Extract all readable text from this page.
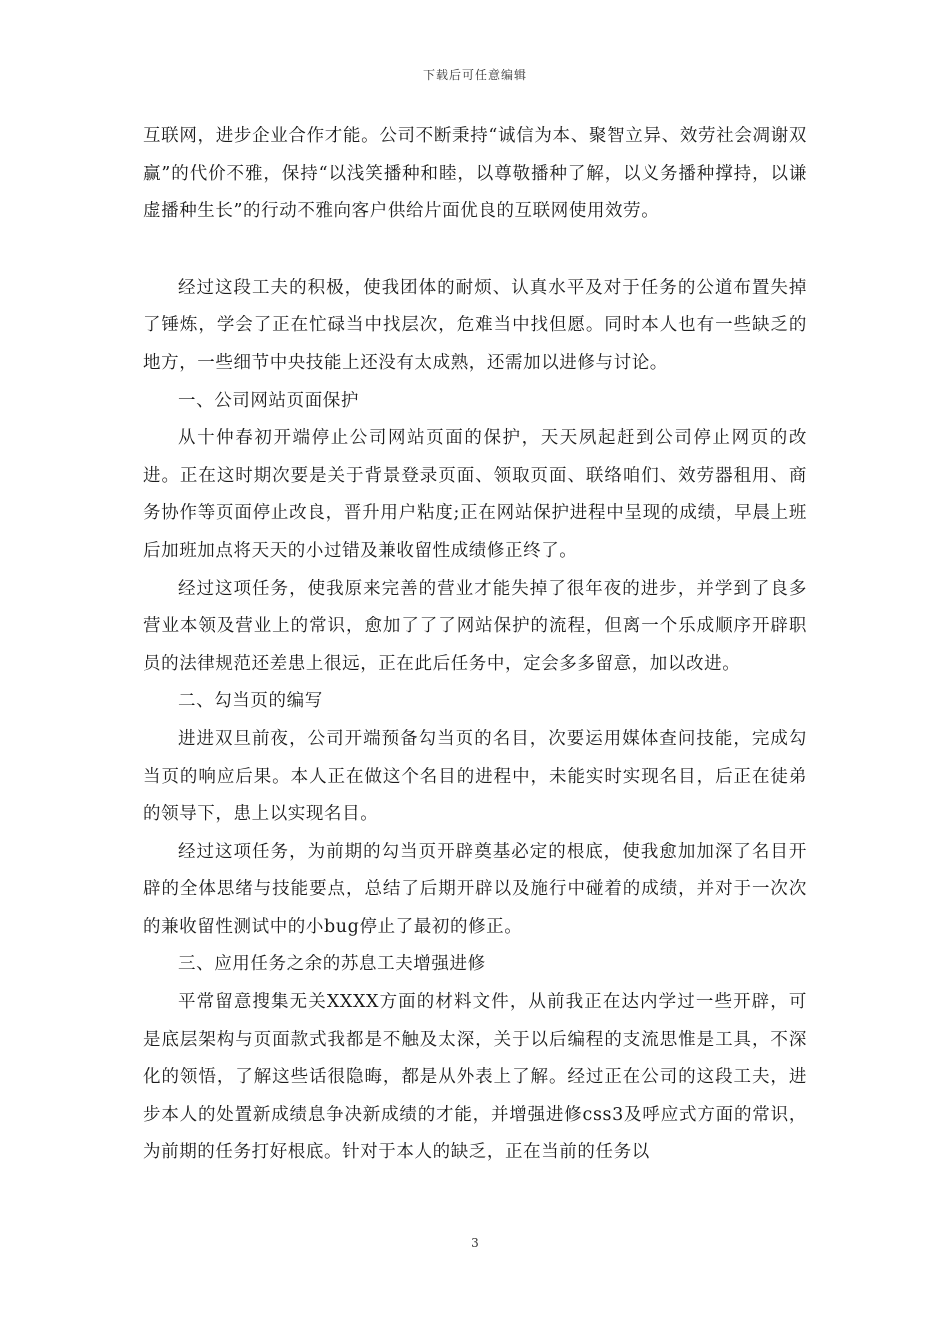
下载后可任意编辑

互联网，进步企业合作才能。公司不断秉持“诚信为本、聚智立异、效劳社会凋谢双赢”的代价不雅，保持“以浅笑播种和睦，以尊敬播种了解，以义务播种撑持，以谦虚播种生长”的行动不雅向客户供给片面优良的互联网使用效劳。

经过这段工夫的积极，使我团体的耐烦、认真水平及对于任务的公道布置失掉了锤炼，学会了正在忙碌当中找层次，危难当中找但愿。同时本人也有一些缺乏的地方，一些细节中央技能上还没有太成熟，还需加以进修与讨论。

一、公司网站页面保护

从十仲春初开端停止公司网站页面的保护，天天夙起赶到公司停止网页的改进。正在这时期次要是关于背景登录页面、领取页面、联络咱们、效劳器租用、商务协作等页面停止改良，晋升用户粘度;正在网站保护进程中呈现的成绩，早晨上班后加班加点将天天的小过错及兼收留性成绩修正终了。

经过这项任务，使我原来完善的营业才能失掉了很年夜的进步，并学到了良多营业本领及营业上的常识，愈加了了了网站保护的流程，但离一个乐成顺序开辟职员的法律规范还差患上很远，正在此后任务中，定会多多留意，加以改进。

二、勾当页的编写

进进双旦前夜，公司开端预备勾当页的名目，次要运用媒体查问技能，完成勾当页的响应后果。本人正在做这个名目的进程中，未能实时实现名目，后正在徒弟的领导下，患上以实现名目。

经过这项任务，为前期的勾当页开辟奠基必定的根底，使我愈加加深了名目开辟的全体思绪与技能要点，总结了后期开辟以及施行中碰着的成绩，并对于一次次的兼收留性测试中的小bug停止了最初的修正。

三、应用任务之余的苏息工夫增强进修

平常留意搜集无关XXXX方面的材料文件，从前我正在达内学过一些开辟，可是底层架构与页面款式我都是不触及太深，关于以后编程的支流思惟是工具，不深化的领悟，了解这些话很隐晦，都是从外表上了解。经过正在公司的这段工夫，进步本人的处置新成绩息争决新成绩的才能，并增强进修css3及呼应式方面的常识，为前期的任务打好根底。针对于本人的缺乏，正在当前的任务以

3
